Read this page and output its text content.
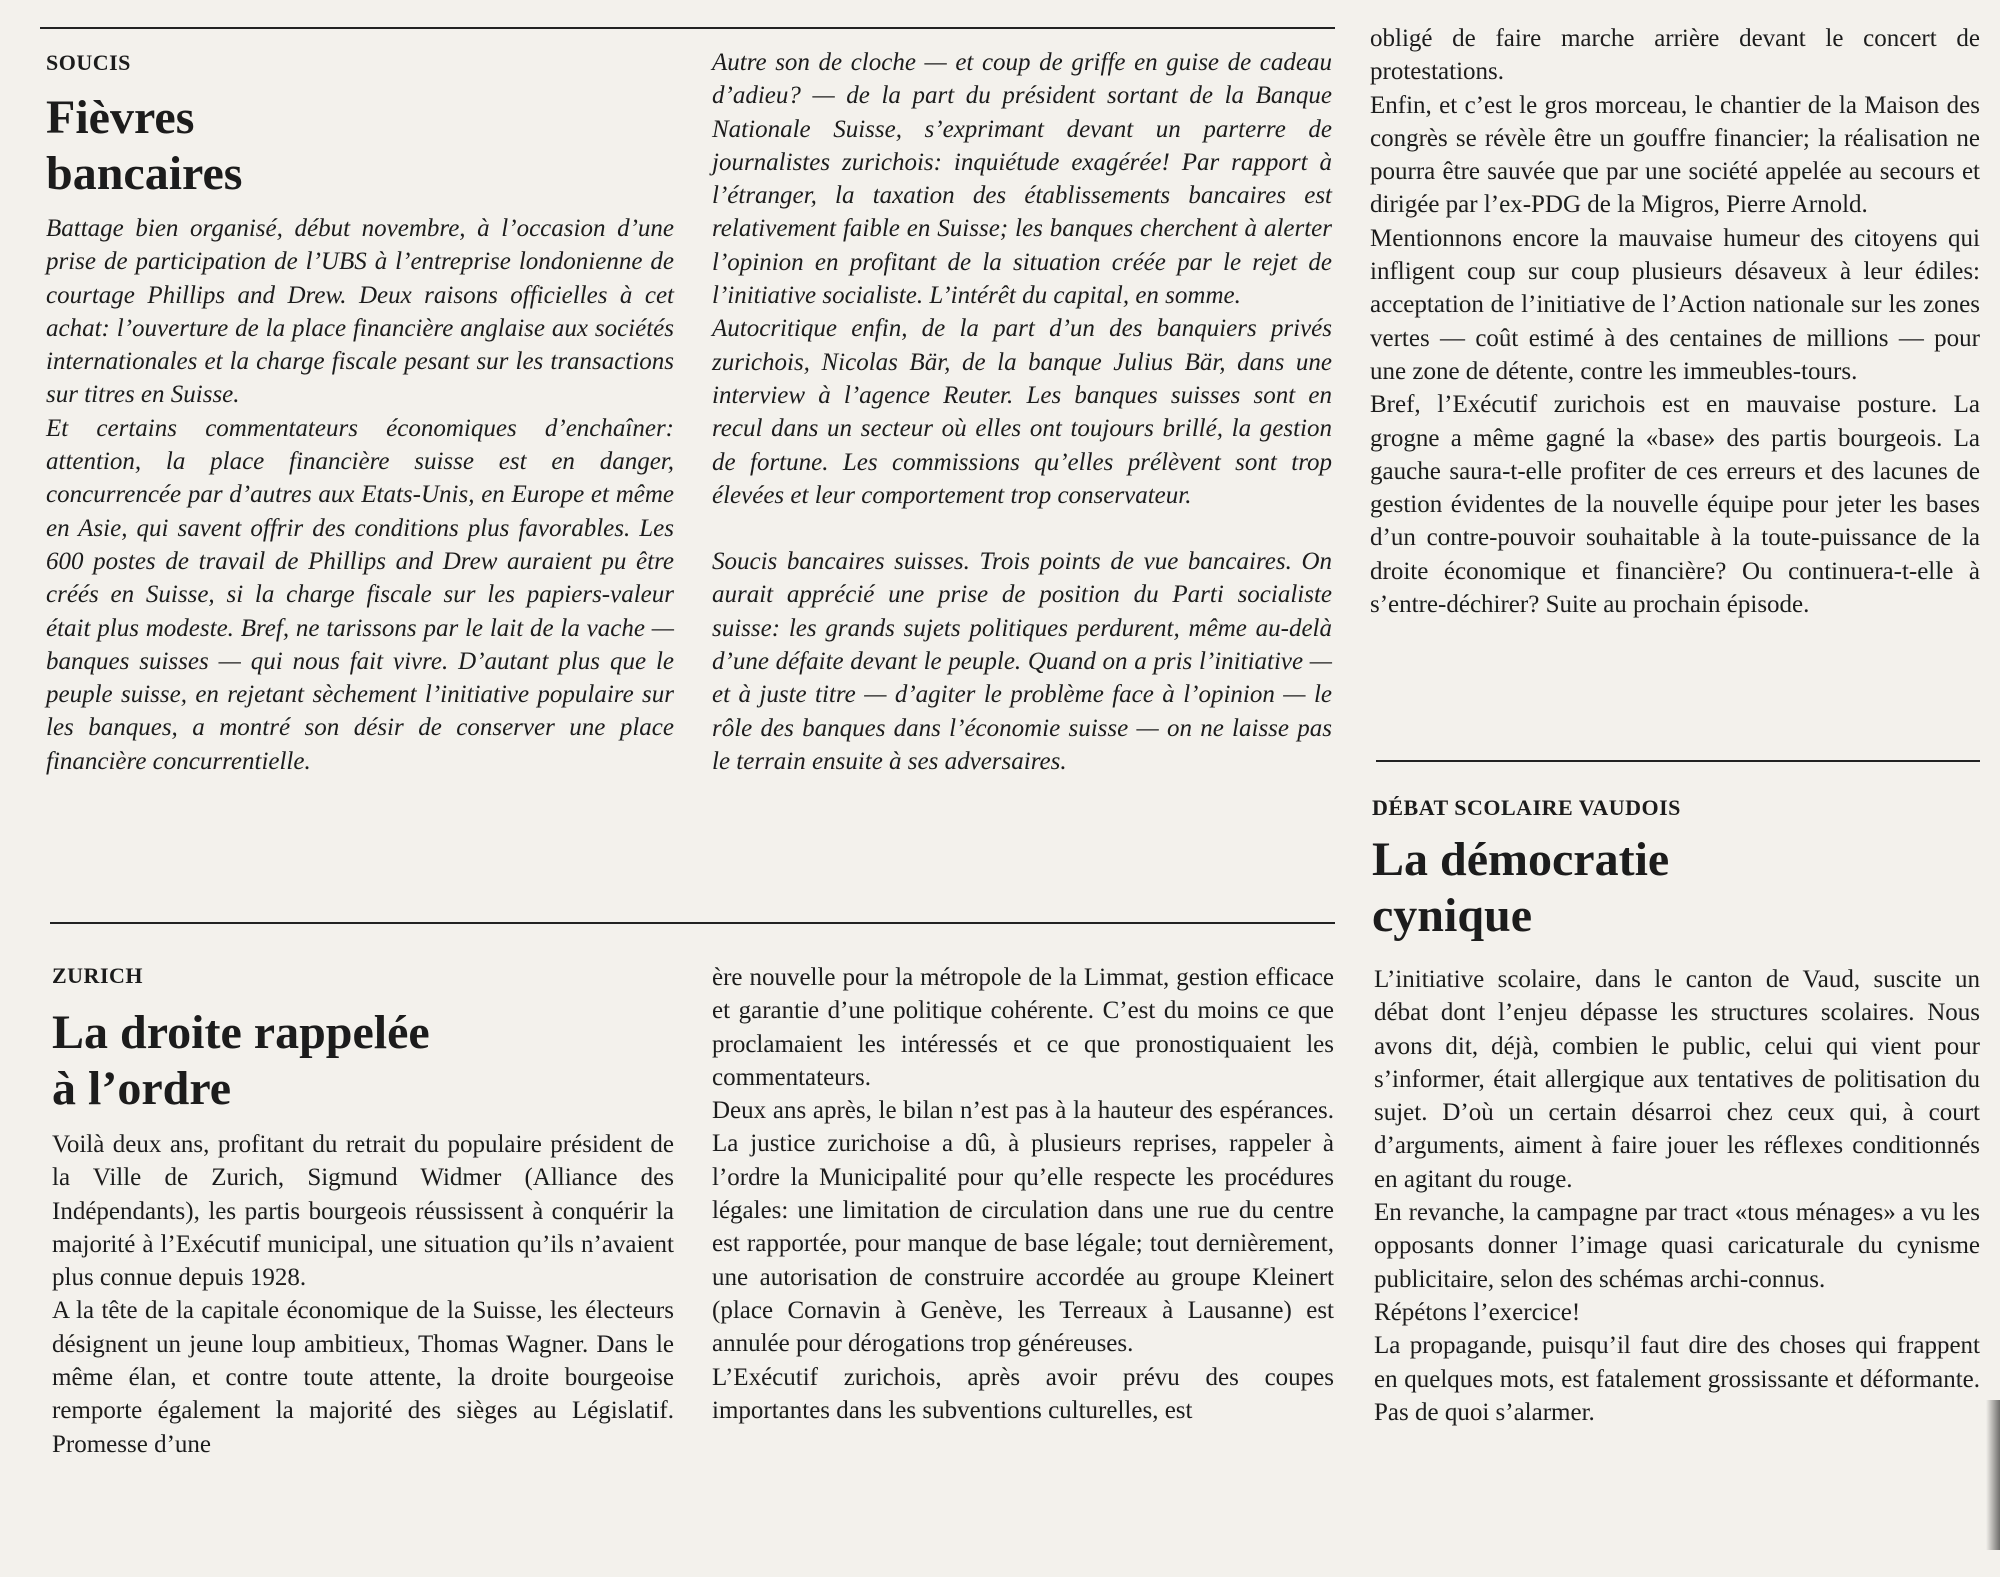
SOUCIS

Fièvres
bancaires

Battage bien organisé, début novembre, à l’occasion d’une prise de participation de l’UBS à l’entreprise londonienne de courtage Phillips and Drew. Deux raisons officielles à cet achat: l’ouverture de la place financière anglaise aux sociétés internationales et la charge fiscale pesant sur les transactions sur titres en Suisse.

Et certains commentateurs économiques d’enchaîner: attention, la place financière suisse est en danger, concurrencée par d’autres aux Etats-Unis, en Europe et même en Asie, qui savent offrir des conditions plus favorables. Les 600 postes de travail de Phillips and Drew auraient pu être créés en Suisse, si la charge fiscale sur les papiers-valeur était plus modeste. Bref, ne tarissons par le lait de la vache — banques suisses — qui nous fait vivre. D’autant plus que le peuple suisse, en rejetant sèchement l’initiative populaire sur les banques, a montré son désir de conserver une place financière concurrentielle.

Autre son de cloche — et coup de griffe en guise de cadeau d’adieu? — de la part du président sortant de la Banque Nationale Suisse, s’exprimant devant un parterre de journalistes zurichois: inquiétude exagérée! Par rapport à l’étranger, la taxation des établissements bancaires est relativement faible en Suisse; les banques cherchent à alerter l’opinion en profitant de la situation créée par le rejet de l’initiative socialiste. L’intérêt du capital, en somme.

Autocritique enfin, de la part d’un des banquiers privés zurichois, Nicolas Bär, de la banque Julius Bär, dans une interview à l’agence Reuter. Les banques suisses sont en recul dans un secteur où elles ont toujours brillé, la gestion de fortune. Les commissions qu’elles prélèvent sont trop élevées et leur comportement trop conservateur.

Soucis bancaires suisses. Trois points de vue bancaires. On aurait apprécié une prise de position du Parti socialiste suisse: les grands sujets politiques perdurent, même au-delà d’une défaite devant le peuple. Quand on a pris l’initiative — et à juste titre — d’agiter le problème face à l’opinion — le rôle des banques dans l’économie suisse — on ne laisse pas le terrain ensuite à ses adversaires.

ZURICH

La droite rappelée
à l’ordre

Voilà deux ans, profitant du retrait du populaire président de la Ville de Zurich, Sigmund Widmer (Alliance des Indépendants), les partis bourgeois réussissent à conquérir la majorité à l’Exécutif municipal, une situation qu’ils n’avaient plus connue depuis 1928.

A la tête de la capitale économique de la Suisse, les électeurs désignent un jeune loup ambitieux, Thomas Wagner. Dans le même élan, et contre toute attente, la droite bourgeoise remporte également la majorité des sièges au Législatif. Promesse d’une

ère nouvelle pour la métropole de la Limmat, gestion efficace et garantie d’une politique cohérente. C’est du moins ce que proclamaient les intéressés et ce que pronostiquaient les commentateurs.

Deux ans après, le bilan n’est pas à la hauteur des espérances. La justice zurichoise a dû, à plusieurs reprises, rappeler à l’ordre la Municipalité pour qu’elle respecte les procédures légales: une limitation de circulation dans une rue du centre est rapportée, pour manque de base légale; tout dernièrement, une autorisation de construire accordée au groupe Kleinert (place Cornavin à Genève, les Terreaux à Lausanne) est annulée pour dérogations trop généreuses.

L’Exécutif zurichois, après avoir prévu des coupes importantes dans les subventions culturelles, est

obligé de faire marche arrière devant le concert de protestations.

Enfin, et c’est le gros morceau, le chantier de la Maison des congrès se révèle être un gouffre financier; la réalisation ne pourra être sauvée que par une société appelée au secours et dirigée par l’ex-PDG de la Migros, Pierre Arnold.

Mentionnons encore la mauvaise humeur des citoyens qui infligent coup sur coup plusieurs désaveux à leur édiles: acceptation de l’initiative de l’Action nationale sur les zones vertes — coût estimé à des centaines de millions — pour une zone de détente, contre les immeubles-tours.

Bref, l’Exécutif zurichois est en mauvaise posture. La grogne a même gagné la «base» des partis bourgeois. La gauche saura-t-elle profiter de ces erreurs et des lacunes de gestion évidentes de la nouvelle équipe pour jeter les bases d’un contre-pouvoir souhaitable à la toute-puissance de la droite économique et financière? Ou continuera-t-elle à s’entre-déchirer? Suite au prochain épisode.

DÉBAT SCOLAIRE VAUDOIS

La démocratie
cynique

L’initiative scolaire, dans le canton de Vaud, suscite un débat dont l’enjeu dépasse les structures scolaires. Nous avons dit, déjà, combien le public, celui qui vient pour s’informer, était allergique aux tentatives de politisation du sujet. D’où un certain désarroi chez ceux qui, à court d’arguments, aiment à faire jouer les réflexes conditionnés en agitant du rouge.

En revanche, la campagne par tract «tous ménages» a vu les opposants donner l’image quasi caricaturale du cynisme publicitaire, selon des schémas archi-connus.

Répétons l’exercice!

La propagande, puisqu’il faut dire des choses qui frappent en quelques mots, est fatalement grossissante et déformante. Pas de quoi s’alarmer.
